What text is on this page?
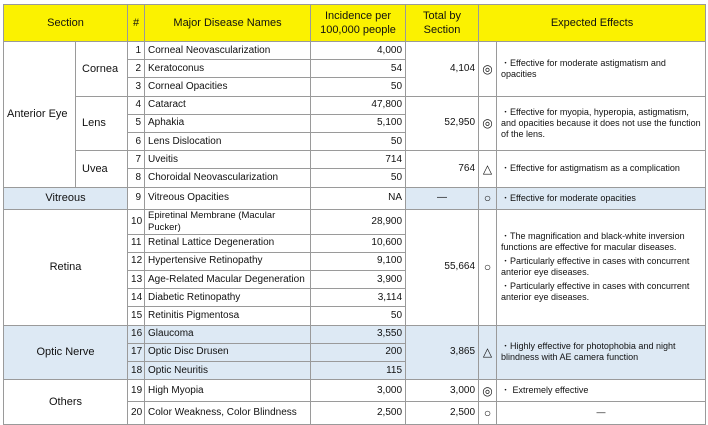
Section		#	Major Disease Names	Incidence per 100,000 people	Total by Section	Expected Effects	
Anterior Eye	Cornea	1	Corneal Neovascularization	4,000	4,104	◎	・Effective for moderate astigmatism and opacities

		2	Keratoconus	54			
		3	Corneal Opacities	50			
	Lens	4	Cataract	47,800	52,950	◎	・Effective for myopia, hyperopia, astigmatism, and opacities because it does not use the function of the lens.

		5	Aphakia	5,100			
		6	Lens Dislocation	50			
	Uvea	7	Uveitis	714	764	△	・Effective for astigmatism as a complication

		8	Choroidal Neovascularization	50			
Vitreous		9	Vitreous Opacities	NA	—	○	・Effective for moderate opacities

Retina		10	Epiretinal Membrane (Macular Pucker)	28,900	55,664	○	・The magnification and black-white inversion functions are effective for macular diseases.

・Particularly effective in cases with concurrent anterior eye diseases.

・Particularly effective in cases with concurrent anterior eye diseases.

		11	Retinal Lattice Degeneration	10,600			
		12	Hypertensive Retinopathy	9,100			
		13	Age-Related Macular Degeneration	3,900			
		14	Diabetic Retinopathy	3,114			
		15	Retinitis Pigmentosa	50			
Optic Nerve		16	Glaucoma	3,550	3,865	△	・Highly effective for photophobia and night blindness with AE camera function

		17	Optic Disc Drusen	200			
		18	Optic Neuritis	115			
Others		19	High Myopia	3,000	3,000	◎	・ Extremely effective

		20	Color Weakness, Color Blindness	2,500	2,500	○	—
